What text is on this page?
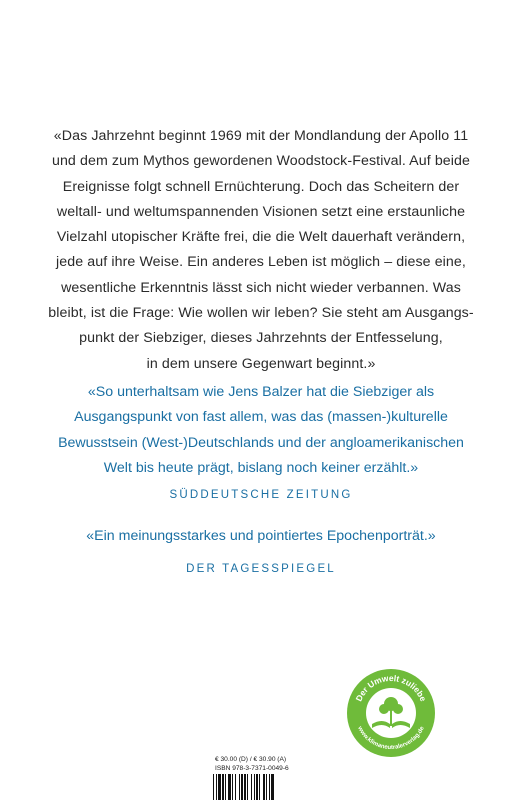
«Das Jahrzehnt beginnt 1969 mit der Mondlandung der Apollo 11
und dem zum Mythos gewordenen Woodstock-Festival. Auf beide
Ereignisse folgt schnell Ernüchterung. Doch das Scheitern der
weltall- und weltumspannenden Visionen setzt eine erstaunliche
Vielzahl utopischer Kräfte frei, die die Welt dauerhaft verändern,
jede auf ihre Weise. Ein anderes Leben ist möglich – diese eine,
wesentliche Erkenntnis lässt sich nicht wieder verbannen. Was
bleibt, ist die Frage: Wie wollen wir leben? Sie steht am Ausgangs-
punkt der Siebziger, dieses Jahrzehnts der Entfesselung,
in dem unsere Gegenwart beginnt.»
«So unterhaltsam wie Jens Balzer hat die Siebziger als
Ausgangspunkt von fast allem, was das (massen-)kulturelle
Bewusstsein (West-)Deutschlands und der angloamerikanischen
Welt bis heute prägt, bislang noch keiner erzählt.»
SÜDDEUTSCHE ZEITUNG
«Ein meinungsstarkes und pointiertes Epochenporträt.»
DER TAGESSPIEGEL
Der Umwelt zuliebe
www.klimaneutralerverlag.de
€ 30.00 (D) / € 30.90 (A)
ISBN 978-3-7371-0049-6
